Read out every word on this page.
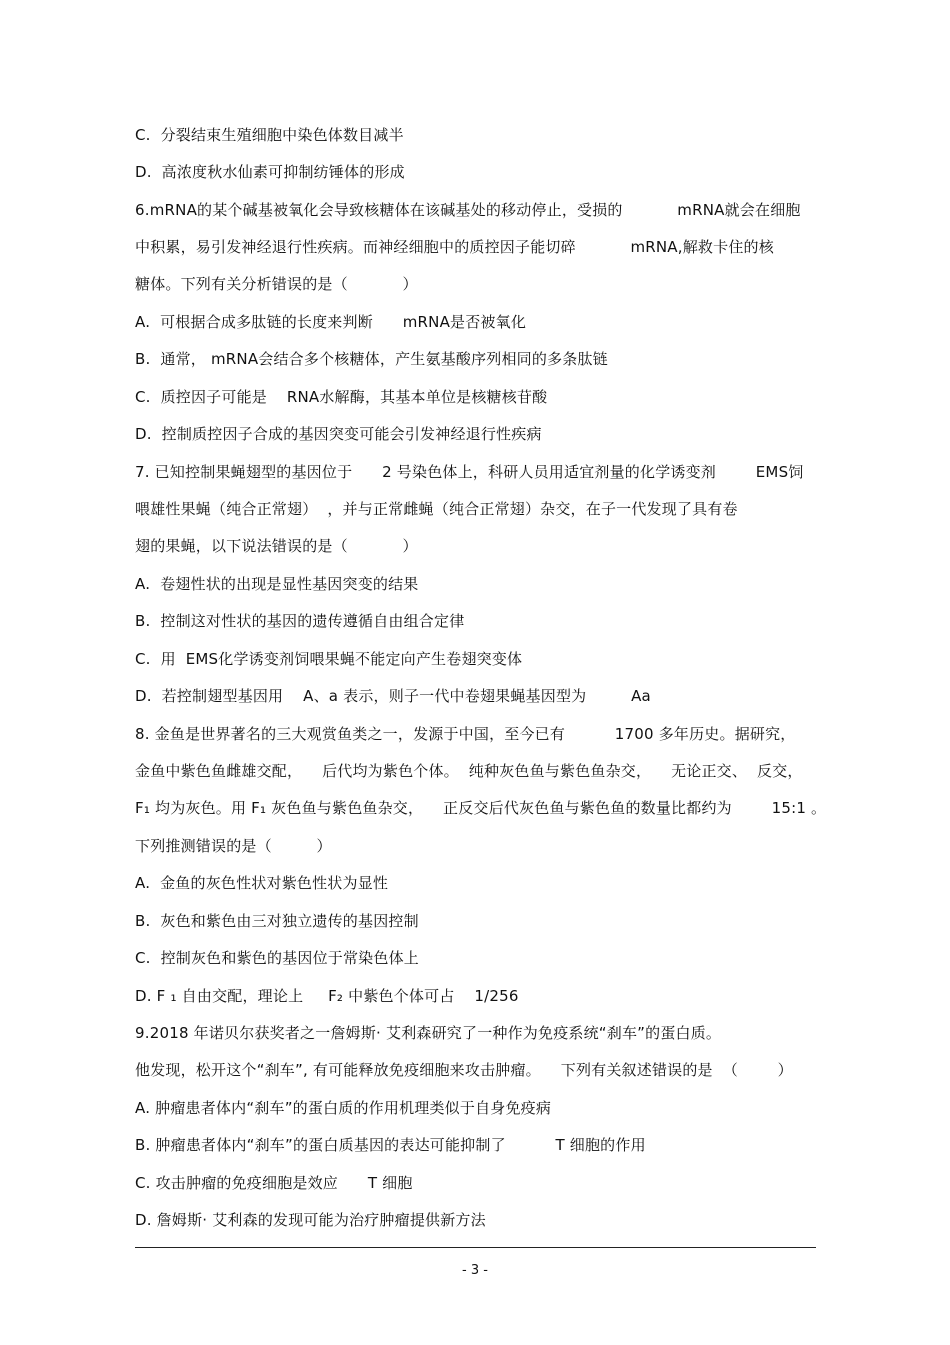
C.  分裂结束生殖细胞中染色体数目减半
D.  高浓度秋水仙素可抑制纺锤体的形成
6.mRNA的某个碱基被氧化会导致核糖体在该碱基处的移动停止，受损的           mRNA就会在细胞
中积累，易引发神经退行性疾病。而神经细胞中的质控因子能切碎           mRNA,解救卡住的核
糖体。下列有关分析错误的是（           ）
A.  可根据合成多肽链的长度来判断      mRNA是否被氧化
B.  通常， mRNA会结合多个核糖体，产生氨基酸序列相同的多条肽链
C.  质控因子可能是    RNA水解酶，其基本单位是核糖核苷酸
D.  控制质控因子合成的基因突变可能会引发神经退行性疾病
7. 已知控制果蝇翅型的基因位于      2 号染色体上，科研人员用适宜剂量的化学诱变剂        EMS饲
喂雄性果蝇（纯合正常翅）  ，并与正常雌蝇（纯合正常翅）杂交，在子一代发现了具有卷
翅的果蝇，以下说法错误的是（           ）
A.  卷翅性状的出现是显性基因突变的结果
B.  控制这对性状的基因的遗传遵循自由组合定律
C.  用  EMS化学诱变剂饲喂果蝇不能定向产生卷翅突变体
D.  若控制翅型基因用    A、a 表示，则子一代中卷翅果蝇基因型为         Aa
8. 金鱼是世界著名的三大观赏鱼类之一，发源于中国，至今已有          1700 多年历史。据研究，
金鱼中紫色鱼雌雄交配，    后代均为紫色个体。  纯种灰色鱼与紫色鱼杂交，    无论正交、  反交，
F₁ 均为灰色。用 F₁ 灰色鱼与紫色鱼杂交，    正反交后代灰色鱼与紫色鱼的数量比都约为        15:1 。
下列推测错误的是（         ）
A.  金鱼的灰色性状对紫色性状为显性
B.  灰色和紫色由三对独立遗传的基因控制
C.  控制灰色和紫色的基因位于常染色体上
D. F ₁ 自由交配，理论上     F₂ 中紫色个体可占    1/256
9.2018 年诺贝尔获奖者之一詹姆斯· 艾利森研究了一种作为免疫系统“刹车”的蛋白质。
他发现，松开这个“刹车”, 有可能释放免疫细胞来攻击肿瘤。    下列有关叙述错误的是  （        ）
A. 肿瘤患者体内“刹车”的蛋白质的作用机理类似于自身免疫病
B. 肿瘤患者体内“刹车”的蛋白质基因的表达可能抑制了          T 细胞的作用
C. 攻击肿瘤的免疫细胞是效应      T 细胞
D. 詹姆斯· 艾利森的发现可能为治疗肿瘤提供新方法
- 3 -
